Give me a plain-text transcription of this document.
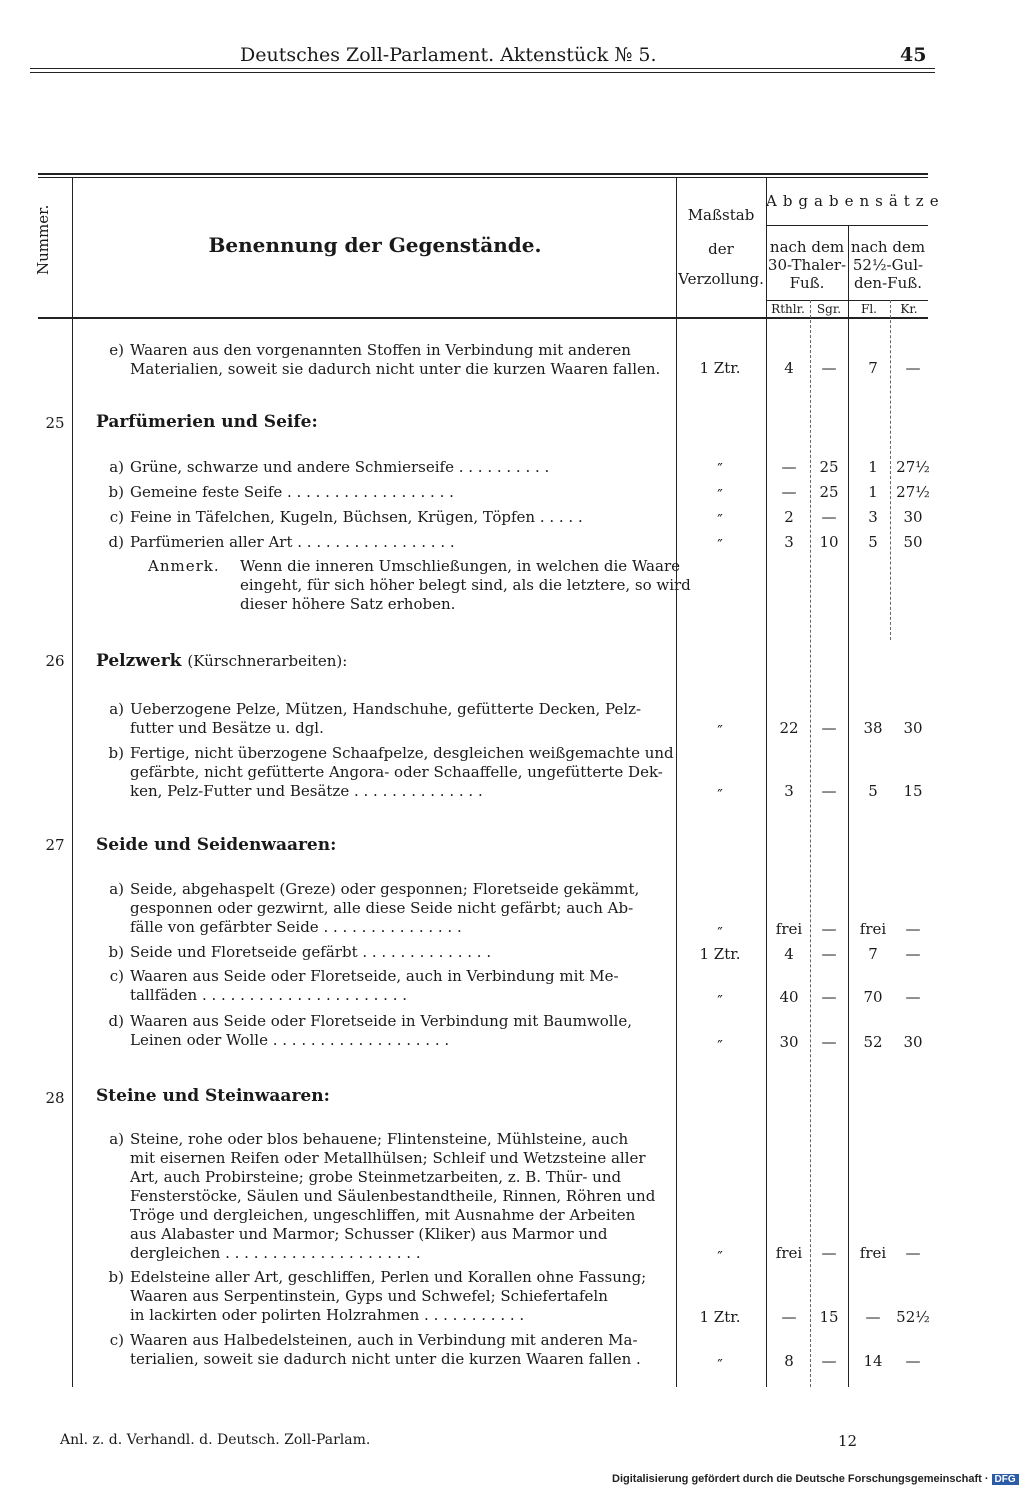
Deutsches Zoll-Parlament. Aktenstück № 5.	45
Nummer.	Benennung der Gegenstände.
Maßstab
der
Verzollung.
Abgabensätze
nach dem
30-Thaler-
Fuß.
nach dem
52½-Gul-
den-Fuß.
Rthlr.	Sgr.	Fl.	Kr.
e) Waaren aus den vorgenannten Stoffen in Verbindung mit anderen
Materialien, soweit sie dadurch nicht unter die kurzen Waaren fallen.	1 Ztr.	4	—	7	—
25	Parfümerien und Seife:
a) Grüne, schwarze und andere Schmierseife . . . . . . . . . .	″	—	25	1	27½
b) Gemeine feste Seife . . . . . . . . . . . . . . . . . .	″	—	25	1	27½
c) Feine in Täfelchen, Kugeln, Büchsen, Krügen, Töpfen . . . . .	″	2	—	3	30
d) Parfümerien aller Art . . . . . . . . . . . . . . . . .	″	3	10	5	50
Anmerk. Wenn die inneren Umschließungen, in welchen die Waare
eingeht, für sich höher belegt sind, als die letztere, so wird
dieser höhere Satz erhoben.
26	Pelzwerk (Kürschnerarbeiten):
a) Ueberzogene Pelze, Mützen, Handschuhe, gefütterte Decken, Pelz-
futter und Besätze u. dgl.	″	22	—	38	30
b) Fertige, nicht überzogene Schaafpelze, desgleichen weißgemachte und
gefärbte, nicht gefütterte Angora- oder Schaaffelle, ungefütterte Dek-
ken, Pelz-Futter und Besätze . . . . . . . . . . . . . .	″	3	—	5	15
27	Seide und Seidenwaaren:
a) Seide, abgehaspelt (Greze) oder gesponnen; Floretseide gekämmt,
gesponnen oder gezwirnt, alle diese Seide nicht gefärbt; auch Ab-
fälle von gefärbter Seide . . . . . . . . . . . . . . .	″	frei	—	frei	—
b) Seide und Floretseide gefärbt . . . . . . . . . . . . . .	1 Ztr.	4	—	7	—
c) Waaren aus Seide oder Floretseide, auch in Verbindung mit Me-
tallfäden . . . . . . . . . . . . . . . . . . . . . .	″	40	—	70	—
d) Waaren aus Seide oder Floretseide in Verbindung mit Baumwolle,
Leinen oder Wolle . . . . . . . . . . . . . . . . . . .	″	30	—	52	30
28	Steine und Steinwaaren:
a) Steine, rohe oder blos behauene; Flintensteine, Mühlsteine, auch
mit eisernen Reifen oder Metallhülsen; Schleif und Wetzsteine aller
Art, auch Probirsteine; grobe Steinmetzarbeiten, z. B. Thür- und
Fensterstöcke, Säulen und Säulenbestandtheile, Rinnen, Röhren und
Tröge und dergleichen, ungeschliffen, mit Ausnahme der Arbeiten
aus Alabaster und Marmor; Schusser (Kliker) aus Marmor und
dergleichen . . . . . . . . . . . . . . . . . . . . .	″	frei	—	frei	—
b) Edelsteine aller Art, geschliffen, Perlen und Korallen ohne Fassung;
Waaren aus Serpentinstein, Gyps und Schwefel; Schiefertafeln
in lackirten oder polirten Holzrahmen . . . . . . . . . . .	1 Ztr.	—	15	—	52½
c) Waaren aus Halbedelsteinen, auch in Verbindung mit anderen Ma-
terialien, soweit sie dadurch nicht unter die kurzen Waaren fallen .	″	8	—	14	—
Anl. z. d. Verhandl. d. Deutsch. Zoll-Parlam.	12
Digitalisierung gefördert durch die Deutsche Forschungsgemeinschaft · DFG
